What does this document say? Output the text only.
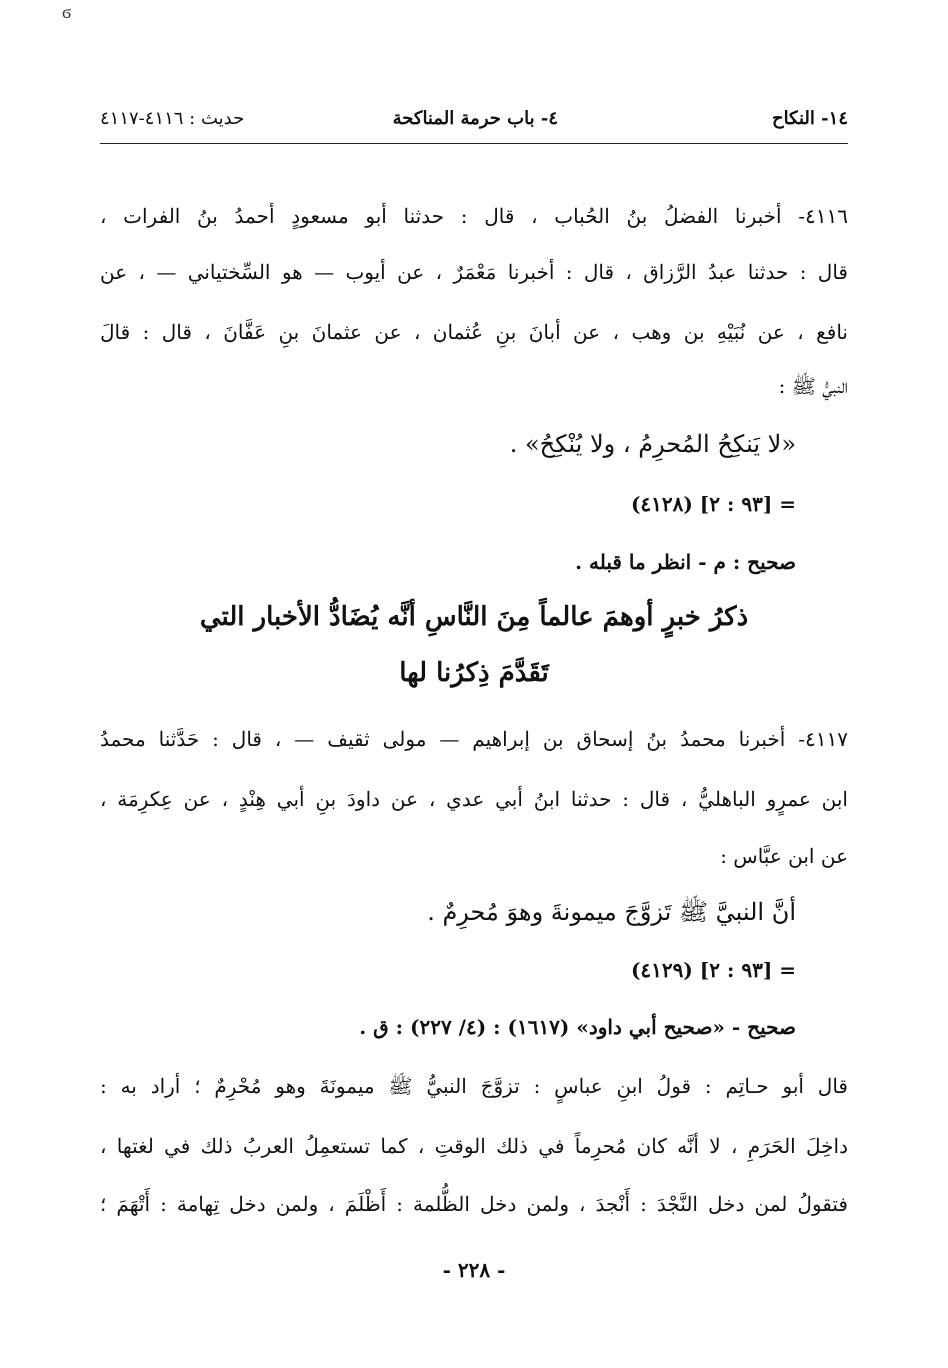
ϭ
١٤- النكاح
٤- باب حرمة المناكحة
حديث : ٤١١٦-٤١١٧
٤١١٦- أخبرنا الفضلُ بنُ الحُباب ، قال : حدثنا أبو مسعودٍ أحمدُ بنُ الفرات ،
قال : حدثنا عبدُ الرَّزاق ، قال : أخبرنا مَعْمَرٌ ، عن أيوب — هو السِّختياني — ، عن
نافع ، عن نُبَيْهِ بن وهب ، عن أبانَ بنِ عُثمان ، عن عثمانَ بنِ عَفَّانَ ، قال : قالَ
النبيُّ ﷺ :
«لا يَنكِحُ المُحرِمُ ، ولا يُنْكِحُ» .
= [٩٣ : ٢] (٤١٢٨)
صحيح : م - انظر ما قبله .
ذكرُ خبرٍ أوهمَ عالماً مِنَ النَّاسِ أنَّه يُضَادُّ الأخبار التي
تَقَدَّمَ ذِكرُنا لها
٤١١٧- أخبرنا محمدُ بنُ إسحاق بن إبراهيم — مولى ثقيف — ، قال : حَدَّثنا محمدُ
ابن عمرٍو الباهليُّ ، قال : حدثنا ابنُ أبي عدي ، عن داودَ بنِ أبي هِنْدٍ ، عن عِكرِمَة ،
عن ابن عبَّاس :
أنَّ النبيَّ ﷺ تَزوَّجَ ميمونةَ وهوَ مُحرِمٌ .
= [٩٣ : ٢] (٤١٢٩)
صحيح - «صحيح أبي داود» (١٦١٧) : (٤/ ٢٢٧) : ق .
قال أبو حـاتِم : قولُ ابنِ عباسٍ : تزوَّجَ النبيُّ ﷺ ميمونَةَ وهو مُحْرِمٌ ؛ أراد به :
داخِلَ الحَرَمِ ، لا أنَّه كان مُحرِماً في ذلك الوقتِ ، كما تستعمِلُ العربُ ذلك في لغتها ،
فتقولُ لمن دخل النَّجْدَ : أَنْجدَ ، ولمن دخل الظُّلمة : أَظْلَمَ ، ولمن دخل تِهامة : أَتْهَمَ ؛
- ٢٢٨ -
